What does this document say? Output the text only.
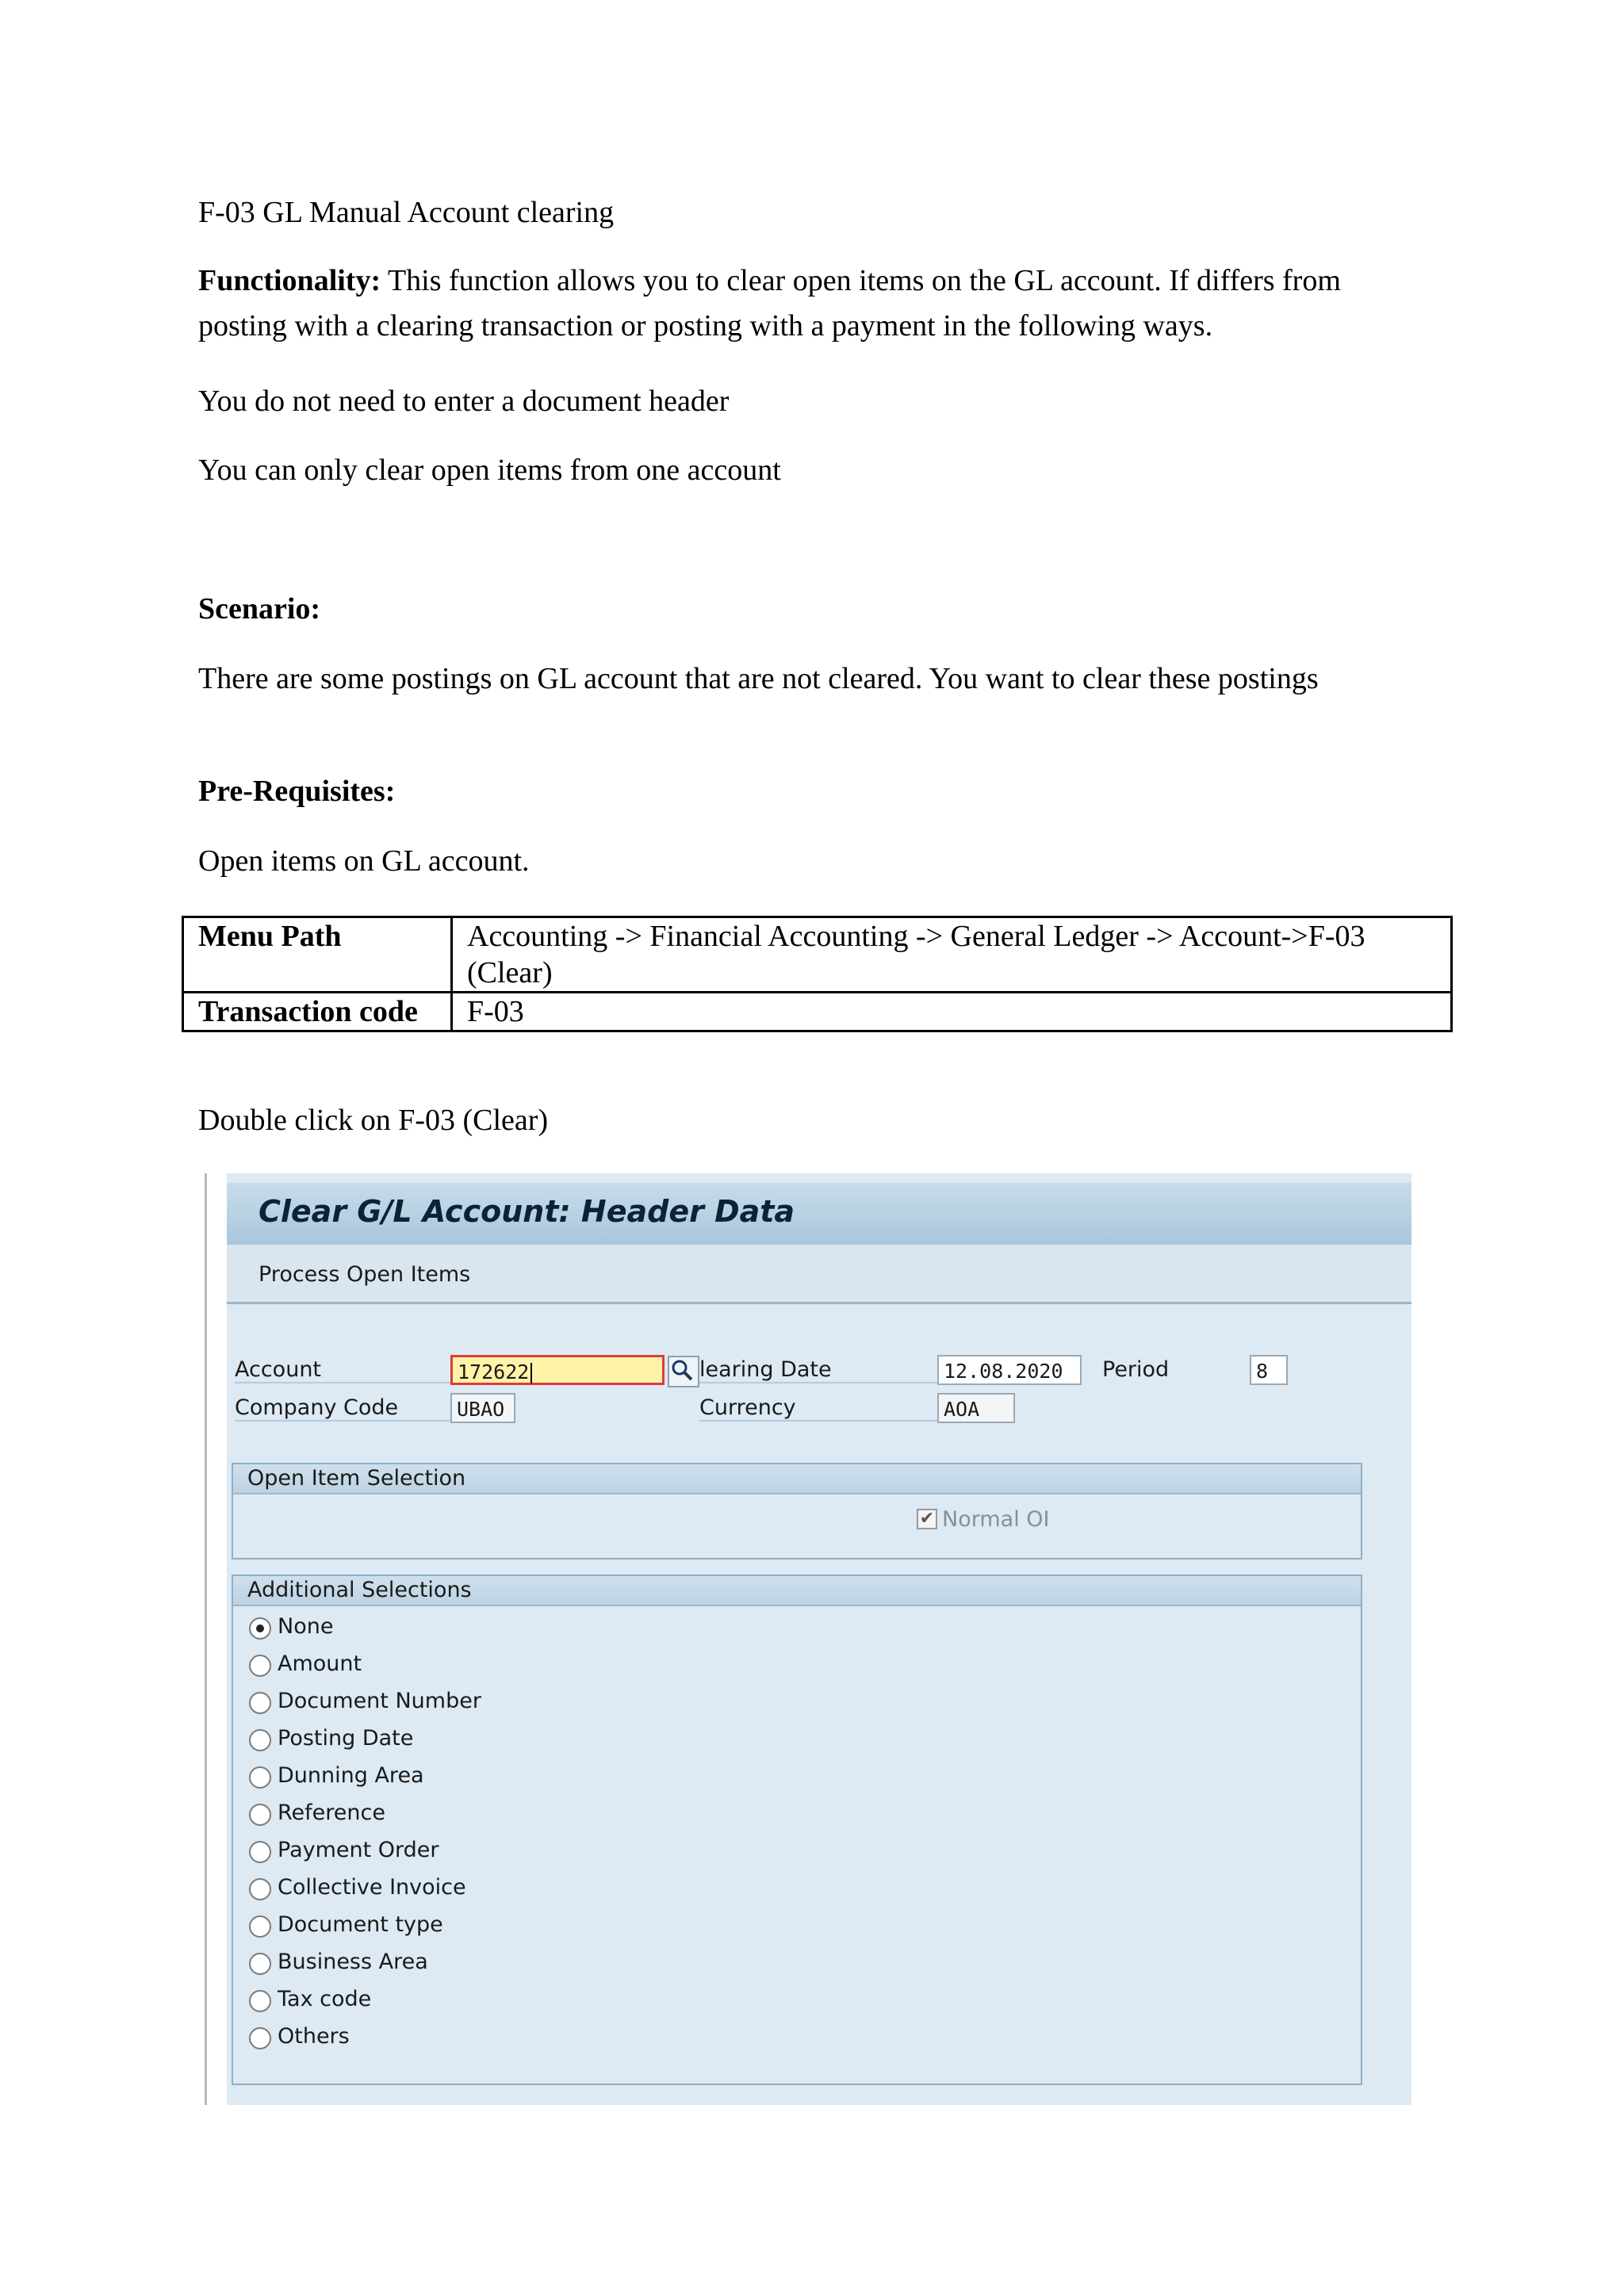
F-03 GL Manual Account clearing

Functionality: This function allows you to clear open items on the GL account. If differs from posting with a clearing transaction or posting with a payment in the following ways.

You do not need to enter a document header

You can only clear open items from one account

Scenario:

There are some postings on GL account that are not cleared. You want to clear these postings

Pre-Requisites:

Open items on GL account.

Menu Path	Accounting -> Financial Accounting -> General Ledger -> Account->F-03 (Clear)
Transaction code	F-03

Double click on F-03 (Clear)

Clear G/L Account: Header Data
Process Open Items
Account	172622	learing Date	12.08.2020	Period	8
Company Code	UBAO	Currency	AOA
Open Item Selection
✔ Normal OI
Additional Selections
None
Amount
Document Number
Posting Date
Dunning Area
Reference
Payment Order
Collective Invoice
Document type
Business Area
Tax code
Others
